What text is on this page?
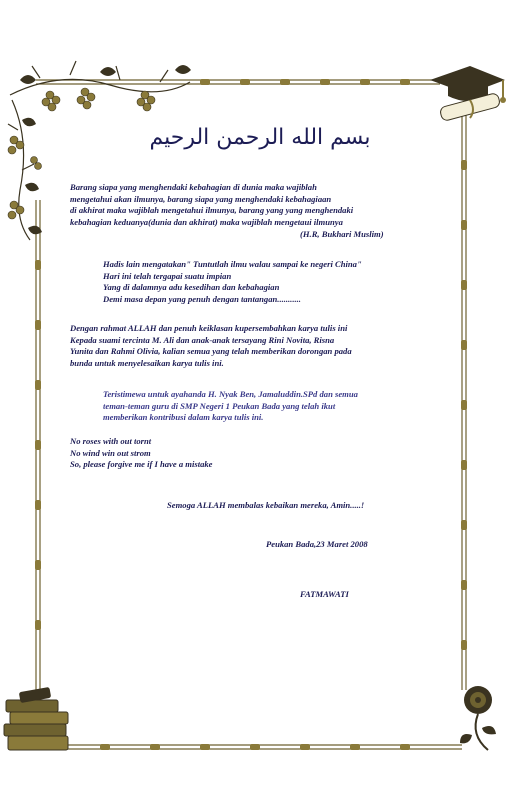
بسم الله الرحمن الرحيم
Barang siapa yang menghendaki kebahagian di dunia maka wajiblah
mengetahui akan ilmunya, barang siapa yang menghendaki kebahagiaan
di akhirat maka wajiblah mengetahui ilmunya, barang yang yang menghendaki
kebahagian keduanya(dunia dan akhirat) maka wajiblah mengetaui ilmunya
(H.R, Bukhari Muslim)
Hadis lain mengatakan" Tuntutlah ilmu walau sampai ke negeri China"
Hari ini telah tergapai suatu impian
Yang di dalamnya adu kesedihan dan kebahagian
Demi masa depan yang penuh dengan tantangan...........
Dengan rahmat ALLAH dan penuh keiklasan kupersembahkan karya tulis ini
Kepada suami tercinta M. Ali dan anak-anak tersayang Rini Novita, Risna
Yunita dan Rahmi Olivia, kalian semua yang telah memberikan dorongan pada
bunda untuk menyelesaikan karya tulis ini.
Teristimewa untuk ayahanda H. Nyak Ben, Jamaluddin.SPd dan semua
teman-teman guru di SMP Negeri 1 Peukan Bada yang telah ikut
memberikan kontribusi dalam karya tulis ini.
No roses with out tornt
No wind win out strom
So, please forgive me if I have a mistake
Semoga ALLAH membalas kebaikan mereka, Amin.....!
Peukan Bada,23 Maret 2008
FATMAWATI
